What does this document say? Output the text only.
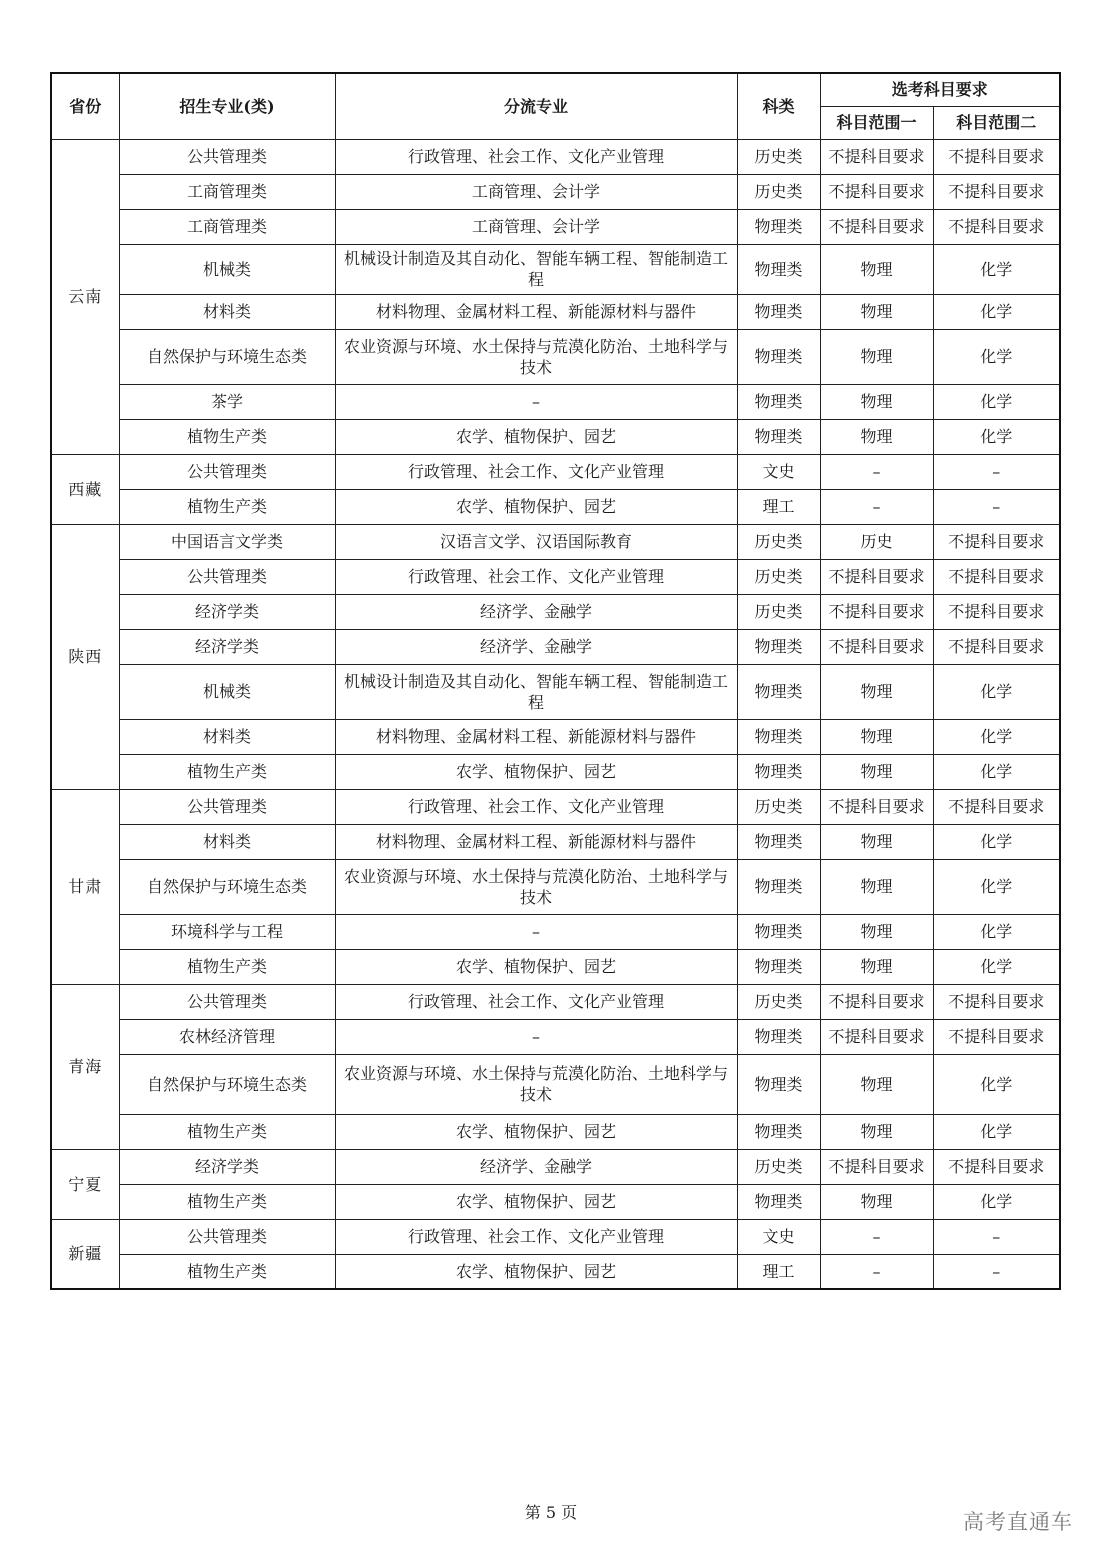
省份	招生专业(类)	分流专业	科类	选考科目要求	
				科目范围一	科目范围二
云南	公共管理类	行政管理、社会工作、文化产业管理	历史类	不提科目要求	不提科目要求
	工商管理类	工商管理、会计学	历史类	不提科目要求	不提科目要求
	工商管理类	工商管理、会计学	物理类	不提科目要求	不提科目要求
	机械类	机械设计制造及其自动化、智能车辆工程、智能制造工程	物理类	物理	化学
	材料类	材料物理、金属材料工程、新能源材料与器件	物理类	物理	化学
	自然保护与环境生态类	农业资源与环境、水土保持与荒漠化防治、土地科学与技术	物理类	物理	化学
	茶学	–	物理类	物理	化学
	植物生产类	农学、植物保护、园艺	物理类	物理	化学
西藏	公共管理类	行政管理、社会工作、文化产业管理	文史	–	–
	植物生产类	农学、植物保护、园艺	理工	–	–
陕西	中国语言文学类	汉语言文学、汉语国际教育	历史类	历史	不提科目要求
	公共管理类	行政管理、社会工作、文化产业管理	历史类	不提科目要求	不提科目要求
	经济学类	经济学、金融学	历史类	不提科目要求	不提科目要求
	经济学类	经济学、金融学	物理类	不提科目要求	不提科目要求
	机械类	机械设计制造及其自动化、智能车辆工程、智能制造工程	物理类	物理	化学
	材料类	材料物理、金属材料工程、新能源材料与器件	物理类	物理	化学
	植物生产类	农学、植物保护、园艺	物理类	物理	化学
甘肃	公共管理类	行政管理、社会工作、文化产业管理	历史类	不提科目要求	不提科目要求
	材料类	材料物理、金属材料工程、新能源材料与器件	物理类	物理	化学
	自然保护与环境生态类	农业资源与环境、水土保持与荒漠化防治、土地科学与技术	物理类	物理	化学
	环境科学与工程	–	物理类	物理	化学
	植物生产类	农学、植物保护、园艺	物理类	物理	化学
青海	公共管理类	行政管理、社会工作、文化产业管理	历史类	不提科目要求	不提科目要求
	农林经济管理	–	物理类	不提科目要求	不提科目要求
	自然保护与环境生态类	农业资源与环境、水土保持与荒漠化防治、土地科学与技术	物理类	物理	化学
	植物生产类	农学、植物保护、园艺	物理类	物理	化学
宁夏	经济学类	经济学、金融学	历史类	不提科目要求	不提科目要求
	植物生产类	农学、植物保护、园艺	物理类	物理	化学
新疆	公共管理类	行政管理、社会工作、文化产业管理	文史	–	–
	植物生产类	农学、植物保护、园艺	理工	–	–
第 5 页	高考直通车
